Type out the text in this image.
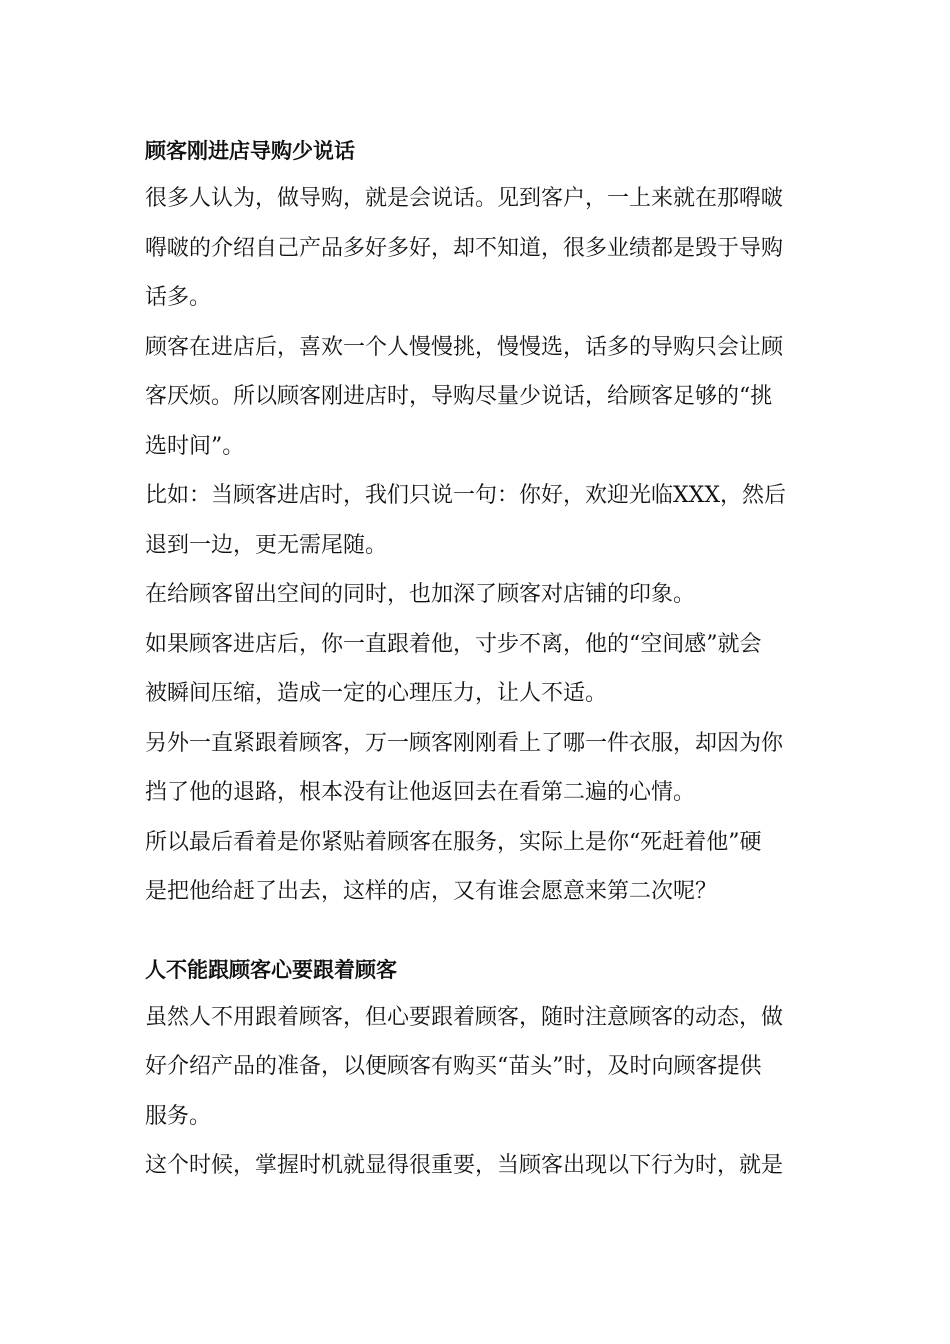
顾客刚进店导购少说话

很多人认为，做导购，就是会说话。见到客户，一上来就在那嘚啵
嘚啵的介绍自己产品多好多好，却不知道，很多业绩都是毁于导购
话多。

顾客在进店后，喜欢一个人慢慢挑，慢慢选，话多的导购只会让顾
客厌烦。所以顾客刚进店时，导购尽量少说话，给顾客足够的“挑
选时间”。

比如：当顾客进店时，我们只说一句：你好，欢迎光临XXX，然后
退到一边，更无需尾随。

在给顾客留出空间的同时，也加深了顾客对店铺的印象。

如果顾客进店后，你一直跟着他，寸步不离，他的“空间感”就会
被瞬间压缩，造成一定的心理压力，让人不适。

另外一直紧跟着顾客，万一顾客刚刚看上了哪一件衣服，却因为你
挡了他的退路，根本没有让他返回去在看第二遍的心情。

所以最后看着是你紧贴着顾客在服务，实际上是你“死赶着他”硬
是把他给赶了出去，这样的店，又有谁会愿意来第二次呢？

人不能跟顾客心要跟着顾客

虽然人不用跟着顾客，但心要跟着顾客，随时注意顾客的动态，做
好介绍产品的准备，以便顾客有购买“苗头”时，及时向顾客提供
服务。

这个时候，掌握时机就显得很重要，当顾客出现以下行为时，就是
